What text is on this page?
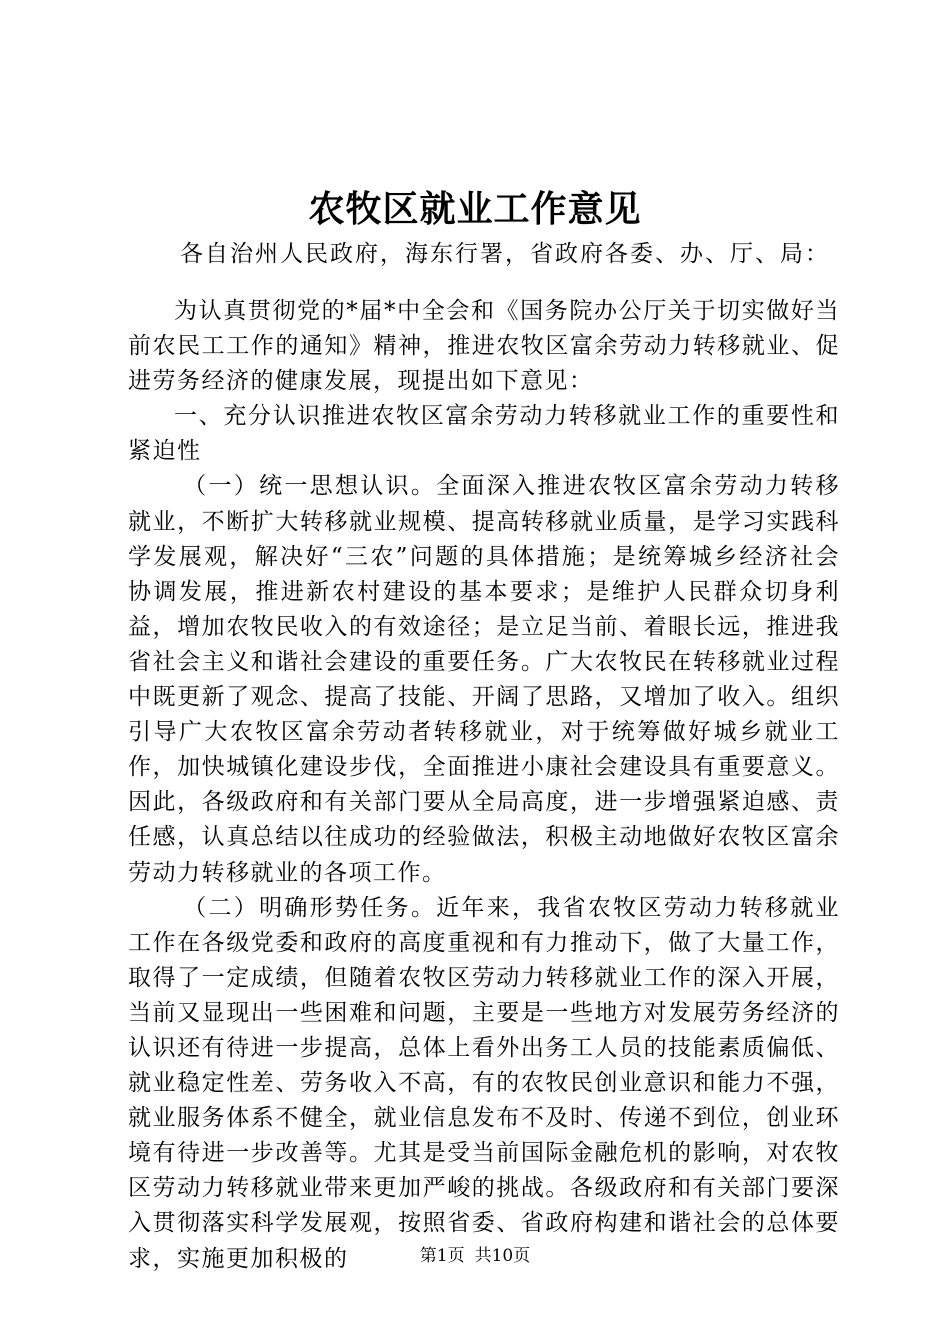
农牧区就业工作意见
各自治州人民政府，海东行署，省政府各委、办、厅、局：

为认真贯彻党的*届*中全会和《国务院办公厅关于切实做好当前农民工工作的通知》精神，推进农牧区富余劳动力转移就业、促进劳务经济的健康发展，现提出如下意见：

一、充分认识推进农牧区富余劳动力转移就业工作的重要性和紧迫性

（一）统一思想认识。全面深入推进农牧区富余劳动力转移就业，不断扩大转移就业规模、提高转移就业质量，是学习实践科学发展观，解决好“三农”问题的具体措施；是统筹城乡经济社会协调发展，推进新农村建设的基本要求；是维护人民群众切身利益，增加农牧民收入的有效途径；是立足当前、着眼长远，推进我省社会主义和谐社会建设的重要任务。广大农牧民在转移就业过程中既更新了观念、提高了技能、开阔了思路，又增加了收入。组织引导广大农牧区富余劳动者转移就业，对于统筹做好城乡就业工作，加快城镇化建设步伐，全面推进小康社会建设具有重要意义。因此，各级政府和有关部门要从全局高度，进一步增强紧迫感、责任感，认真总结以往成功的经验做法，积极主动地做好农牧区富余劳动力转移就业的各项工作。

（二）明确形势任务。近年来，我省农牧区劳动力转移就业工作在各级党委和政府的高度重视和有力推动下，做了大量工作，取得了一定成绩，但随着农牧区劳动力转移就业工作的深入开展，当前又显现出一些困难和问题，主要是一些地方对发展劳务经济的认识还有待进一步提高，总体上看外出务工人员的技能素质偏低、就业稳定性差、劳务收入不高，有的农牧民创业意识和能力不强，就业服务体系不健全，就业信息发布不及时、传递不到位，创业环境有待进一步改善等。尤其是受当前国际金融危机的影响，对农牧区劳动力转移就业带来更加严峻的挑战。各级政府和有关部门要深入贯彻落实科学发展观，按照省委、省政府构建和谐社会的总体要求，实施更加积极的	第1页 共10页
